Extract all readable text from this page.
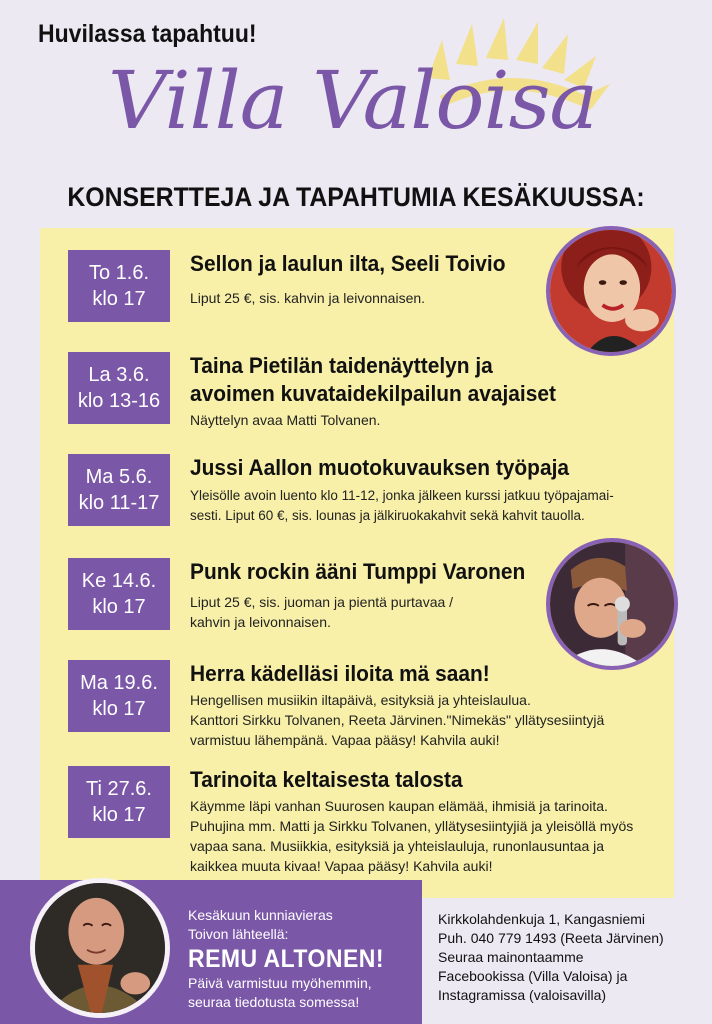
Huvilassa tapahtuu!
Villa Valoisa
KONSERTTEJA JA TAPAHTUMIA KESÄKUUSSA:
To 1.6.
klo 17
Sellon ja laulun ilta, Seeli Toivio
Liput 25 €, sis. kahvin ja leivonnaisen.
La 3.6.
klo 13-16
Taina Pietilän taidenäyttelyn ja
avoimen kuvataidekilpailun avajaiset
Näyttelyn avaa Matti Tolvanen.
Ma 5.6.
klo 11-17
Jussi Aallon muotokuvauksen työpaja
Yleisölle avoin luento klo 11-12, jonka jälkeen kurssi jatkuu työpajamai-
sesti. Liput 60 €, sis. lounas ja jälkiruokakahvit sekä kahvit tauolla.
Ke 14.6.
klo 17
Punk rockin ääni Tumppi Varonen
Liput 25 €, sis. juoman ja pientä purtavaa /
kahvin ja leivonnaisen.
Ma 19.6.
klo 17
Herra kädelläsi iloita mä saan!
Hengellisen musiikin iltapäivä, esityksiä ja yhteislaulua.
Kanttori Sirkku Tolvanen, Reeta Järvinen."Nimekäs" yllätysesiintyjä
varmistuu lähempänä. Vapaa pääsy! Kahvila auki!
Ti 27.6.
klo 17
Tarinoita keltaisesta talosta
Käymme läpi vanhan Suurosen kaupan elämää, ihmisiä ja tarinoita.
Puhujina mm. Matti ja Sirkku Tolvanen, yllätysesiintyjiä ja yleisöllä myös
vapaa sana. Musiikkia, esityksiä ja yhteislauluja, runonlausuntaa ja
kaikkea muuta kivaa! Vapaa pääsy! Kahvila auki!
Kesäkuun kunniavieras
Toivon lähteellä:
REMU ALTONEN!
Päivä varmistuu myöhemmin,
seuraa tiedotusta somessa!
Kirkkolahdenkuja 1, Kangasniemi
Puh. 040 779 1493 (Reeta Järvinen)
Seuraa mainontaamme
Facebookissa (Villa Valoisa) ja
Instagramissa (valoisavilla)
